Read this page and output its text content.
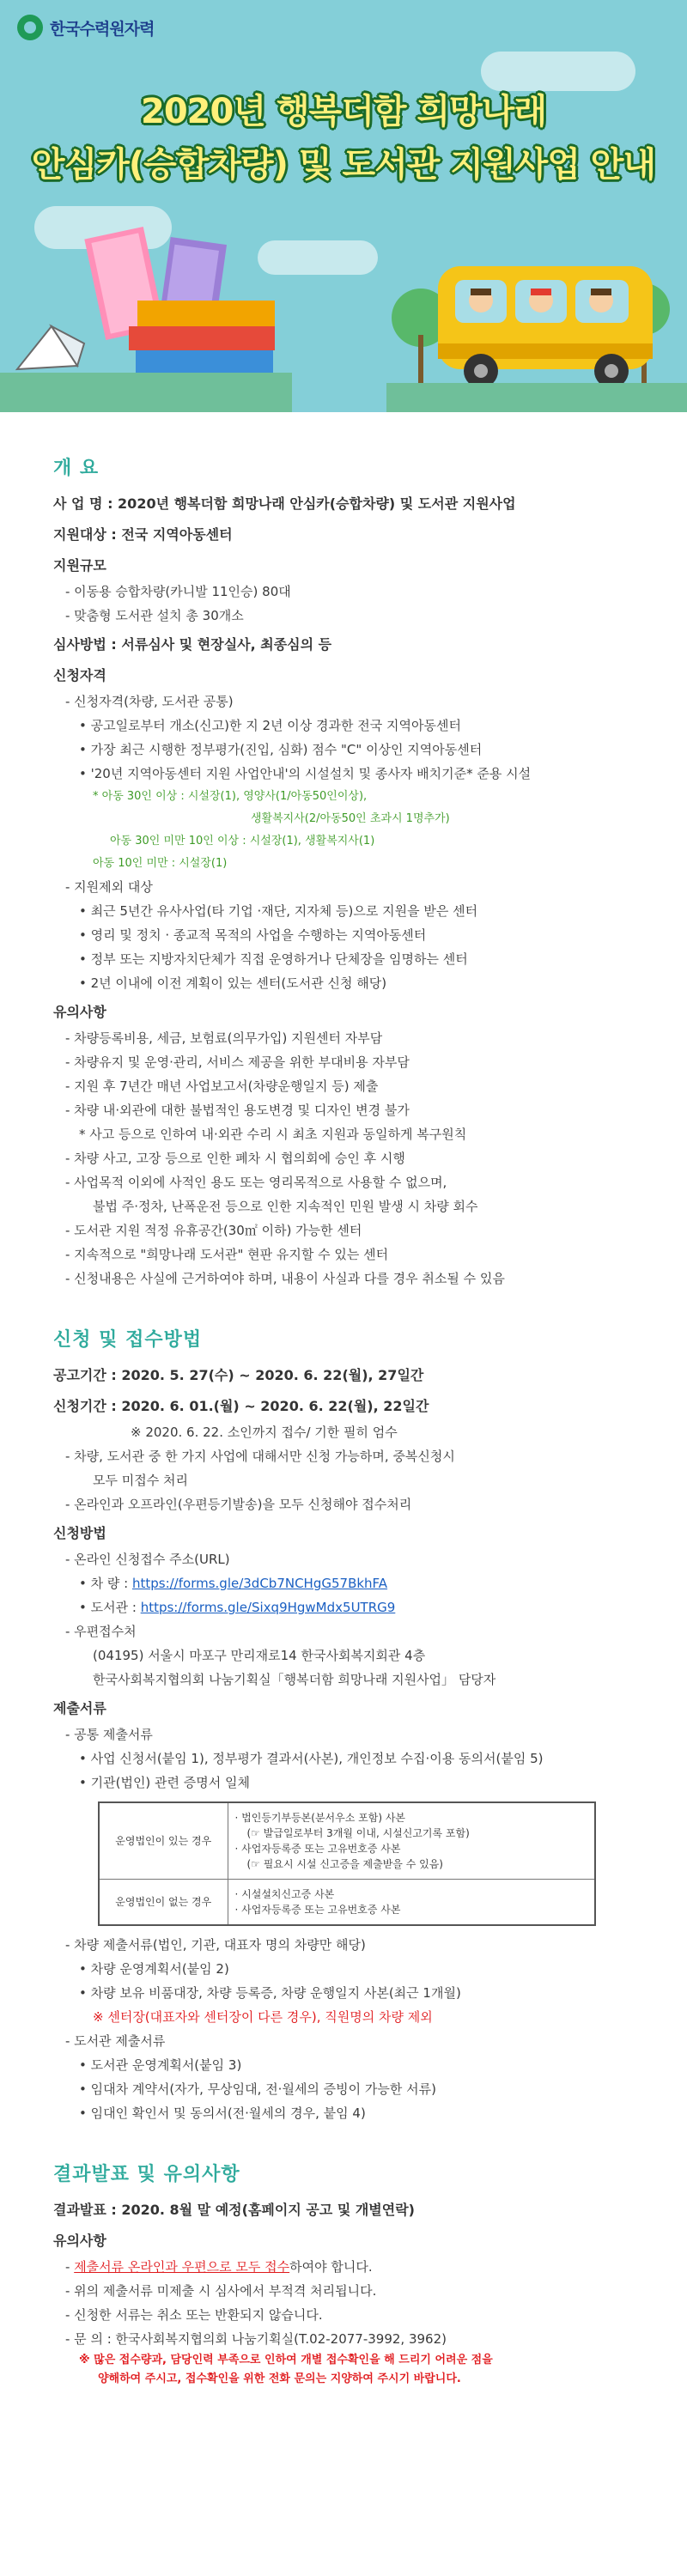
한국수력원자력
2020년 행복더함 희망나래
안심카(승합차량) 및 도서관 지원사업 안내
개 요
사 업 명 : 2020년 행복더함 희망나래 안심카(승합차량) 및 도서관 지원사업
지원대상 : 전국 지역아동센터
지원규모
- 이동용 승합차량(카니발 11인승) 80대
- 맞춤형 도서관 설치 총 30개소
심사방법 : 서류심사 및 현장실사, 최종심의 등
신청자격
- 신청자격(차량, 도서관 공통)
• 공고일로부터 개소(신고)한 지 2년 이상 경과한 전국 지역아동센터
• 가장 최근 시행한 정부평가(진입, 심화) 점수 "C" 이상인 지역아동센터
• '20년 지역아동센터 지원 사업안내'의 시설설치 및 종사자 배치기준* 준용 시설
* 아동 30인 이상 : 시설장(1), 영양사(1/아동50인이상),
생활복지사(2/아동50인 초과시 1명추가)
아동 30인 미만 10인 이상 : 시설장(1), 생활복지사(1)
아동 10인 미만 : 시설장(1)
- 지원제외 대상
• 최근 5년간 유사사업(타 기업 ·재단, 지자체 등)으로 지원을 받은 센터
• 영리 및 정치 · 종교적 목적의 사업을 수행하는 지역아동센터
• 정부 또는 지방자치단체가 직접 운영하거나 단체장을 임명하는 센터
• 2년 이내에 이전 계획이 있는 센터(도서관 신청 해당)
유의사항
- 차량등록비용, 세금, 보험료(의무가입) 지원센터 자부담
- 차량유지 및 운영·관리, 서비스 제공을 위한 부대비용 자부담
- 지원 후 7년간 매년 사업보고서(차량운행일지 등) 제출
- 차량 내·외관에 대한 불법적인 용도변경 및 디자인 변경 불가
* 사고 등으로 인하여 내·외관 수리 시 최초 지원과 동일하게 복구원칙
- 차량 사고, 고장 등으로 인한 폐차 시 협의회에 승인 후 시행
- 사업목적 이외에 사적인 용도 또는 영리목적으로 사용할 수 없으며,
불법 주·정차, 난폭운전 등으로 인한 지속적인 민원 발생 시 차량 회수
- 도서관 지원 적정 유휴공간(30㎡ 이하) 가능한 센터
- 지속적으로 "희망나래 도서관" 현판 유지할 수 있는 센터
- 신청내용은 사실에 근거하여야 하며, 내용이 사실과 다를 경우 취소될 수 있음
신청 및 접수방법
공고기간 : 2020. 5. 27(수) ~ 2020. 6. 22(월), 27일간
신청기간 : 2020. 6. 01.(월) ~ 2020. 6. 22(월), 22일간
※ 2020. 6. 22. 소인까지 접수/ 기한 필히 엄수
- 차량, 도서관 중 한 가지 사업에 대해서만 신청 가능하며, 중복신청시
모두 미접수 처리
- 온라인과 오프라인(우편등기발송)을 모두 신청해야 접수처리
신청방법
- 온라인 신청접수 주소(URL)
• 차 량 : https://forms.gle/3dCb7NCHgG57BkhFA
• 도서관 : https://forms.gle/Sixq9HgwMdx5UTRG9
- 우편접수처
(04195) 서울시 마포구 만리재로14 한국사회복지회관 4층
한국사회복지협의회 나눔기획실「행복더함 희망나래 지원사업」 담당자
제출서류
- 공통 제출서류
• 사업 신청서(붙임 1), 정부평가 결과서(사본), 개인정보 수집·이용 동의서(붙임 5)
• 기관(법인) 관련 증명서 일체
운영법인이 있는 경우	· 법인등기부등본(분서우소 포함) 사본
(☞ 발급일로부터 3개월 이내, 시설신고기록 포함)
· 사업자등록증 또는 고유번호증 사본
(☞ 필요시 시설 신고증을 제출받을 수 있음)

운영법인이 없는 경우	· 시설설치신고증 사본
· 사업자등록증 또는 고유번호증 사본
- 차량 제출서류(법인, 기관, 대표자 명의 차량만 해당)
• 차량 운영계획서(붙임 2)
• 차량 보유 비품대장, 차량 등록증, 차량 운행일지 사본(최근 1개월)
※ 센터장(대표자와 센터장이 다른 경우), 직원명의 차량 제외
- 도서관 제출서류
• 도서관 운영계획서(붙임 3)
• 임대차 계약서(자가, 무상임대, 전·월세의 증빙이 가능한 서류)
• 임대인 확인서 및 동의서(전·월세의 경우, 붙임 4)
결과발표 및 유의사항
결과발표 : 2020. 8월 말 예정(홈페이지 공고 및 개별연락)
유의사항
- 제출서류 온라인과 우편으로 모두 접수하여야 합니다.
- 위의 제출서류 미제출 시 심사에서 부적격 처리됩니다.
- 신청한 서류는 취소 또는 반환되지 않습니다.
- 문 의 : 한국사회복지협의회 나눔기획실(T.02-2077-3992, 3962)
※ 많은 접수량과, 담당인력 부족으로 인하여 개별 접수확인을 해 드리기 어려운 점을
양해하여 주시고, 접수확인을 위한 전화 문의는 지양하여 주시기 바랍니다.
